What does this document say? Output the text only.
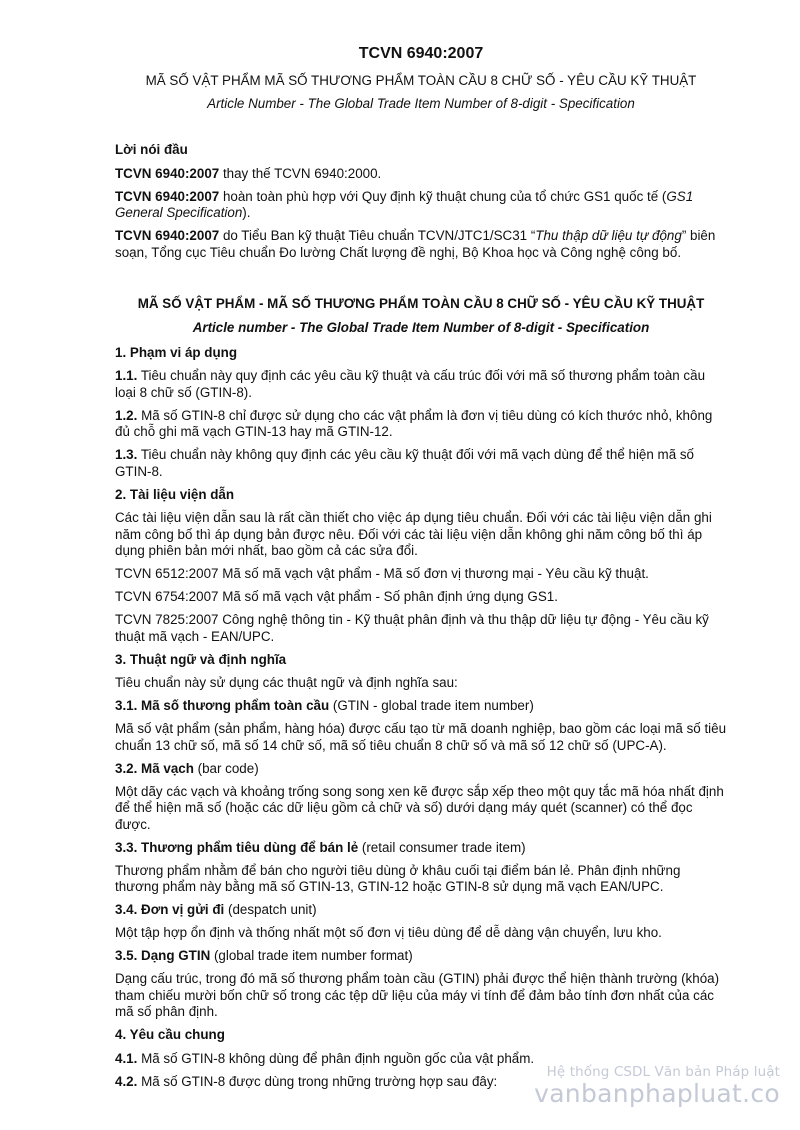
TCVN 6940:2007
MÃ SỐ VẬT PHẨM MÃ SỐ THƯƠNG PHẨM TOÀN CẦU 8 CHỮ SỐ - YÊU CẦU KỸ THUẬT
Article Number - The Global Trade Item Number of 8-digit - Specification

Lời nói đầu

TCVN 6940:2007 thay thế TCVN 6940:2000.

TCVN 6940:2007 hoàn toàn phù hợp với Quy định kỹ thuật chung của tổ chức GS1 quốc tế (GS1 General Specification).

TCVN 6940:2007 do Tiểu Ban kỹ thuật Tiêu chuẩn TCVN/JTC1/SC31 “Thu thập dữ liệu tự động” biên soạn, Tổng cục Tiêu chuẩn Đo lường Chất lượng đề nghị, Bộ Khoa học và Công nghệ công bố.

MÃ SỐ VẬT PHẨM - MÃ SỐ THƯƠNG PHẨM TOÀN CẦU 8 CHỮ SỐ - YÊU CẦU KỸ THUẬT

Article number - The Global Trade Item Number of 8-digit - Specification

1. Phạm vi áp dụng

1.1. Tiêu chuẩn này quy định các yêu cầu kỹ thuật và cấu trúc đối với mã số thương phẩm toàn cầu loại 8 chữ số (GTIN-8).

1.2. Mã số GTIN-8 chỉ được sử dụng cho các vật phẩm là đơn vị tiêu dùng có kích thước nhỏ, không đủ chỗ ghi mã vạch GTIN-13 hay mã GTIN-12.

1.3. Tiêu chuẩn này không quy định các yêu cầu kỹ thuật đối với mã vạch dùng để thể hiện mã số GTIN-8.

2. Tài liệu viện dẫn

Các tài liệu viện dẫn sau là rất cần thiết cho việc áp dụng tiêu chuẩn. Đối với các tài liệu viện dẫn ghi năm công bố thì áp dụng bản được nêu. Đối với các tài liệu viện dẫn không ghi năm công bố thì áp dụng phiên bản mới nhất, bao gồm cả các sửa đổi.

TCVN 6512:2007 Mã số mã vạch vật phẩm - Mã số đơn vị thương mại - Yêu cầu kỹ thuật.

TCVN 6754:2007 Mã số mã vạch vật phẩm - Số phân định ứng dụng GS1.

TCVN 7825:2007 Công nghệ thông tin - Kỹ thuật phân định và thu thập dữ liệu tự động - Yêu cầu kỹ thuật mã vạch - EAN/UPC.

3. Thuật ngữ và định nghĩa

Tiêu chuẩn này sử dụng các thuật ngữ và định nghĩa sau:

3.1. Mã số thương phẩm toàn cầu (GTIN - global trade item number)

Mã số vật phẩm (sản phẩm, hàng hóa) được cấu tạo từ mã doanh nghiệp, bao gồm các loại mã số tiêu chuẩn 13 chữ số, mã số 14 chữ số, mã số tiêu chuẩn 8 chữ số và mã số 12 chữ số (UPC-A).

3.2. Mã vạch (bar code)

Một dãy các vạch và khoảng trống song song xen kẽ được sắp xếp theo một quy tắc mã hóa nhất định để thể hiện mã số (hoặc các dữ liệu gồm cả chữ và số) dưới dạng máy quét (scanner) có thể đọc được.

3.3. Thương phẩm tiêu dùng để bán lẻ (retail consumer trade item)

Thương phẩm nhằm để bán cho người tiêu dùng ở khâu cuối tại điểm bán lẻ. Phân định những thương phẩm này bằng mã số GTIN-13, GTIN-12 hoặc GTIN-8 sử dụng mã vạch EAN/UPC.

3.4. Đơn vị gửi đi (despatch unit)

Một tập hợp ổn định và thống nhất một số đơn vị tiêu dùng để dễ dàng vận chuyển, lưu kho.

3.5. Dạng GTIN (global trade item number format)

Dạng cấu trúc, trong đó mã số thương phẩm toàn cầu (GTIN) phải được thể hiện thành trường (khóa) tham chiếu mười bốn chữ số trong các tệp dữ liệu của máy vi tính để đảm bảo tính đơn nhất của các mã số phân định.

4. Yêu cầu chung

4.1. Mã số GTIN-8 không dùng để phân định nguồn gốc của vật phẩm.

4.2. Mã số GTIN-8 được dùng trong những trường hợp sau đây:

Hệ thống CSDL Văn bản Pháp luật
vanbanphapluat.co
